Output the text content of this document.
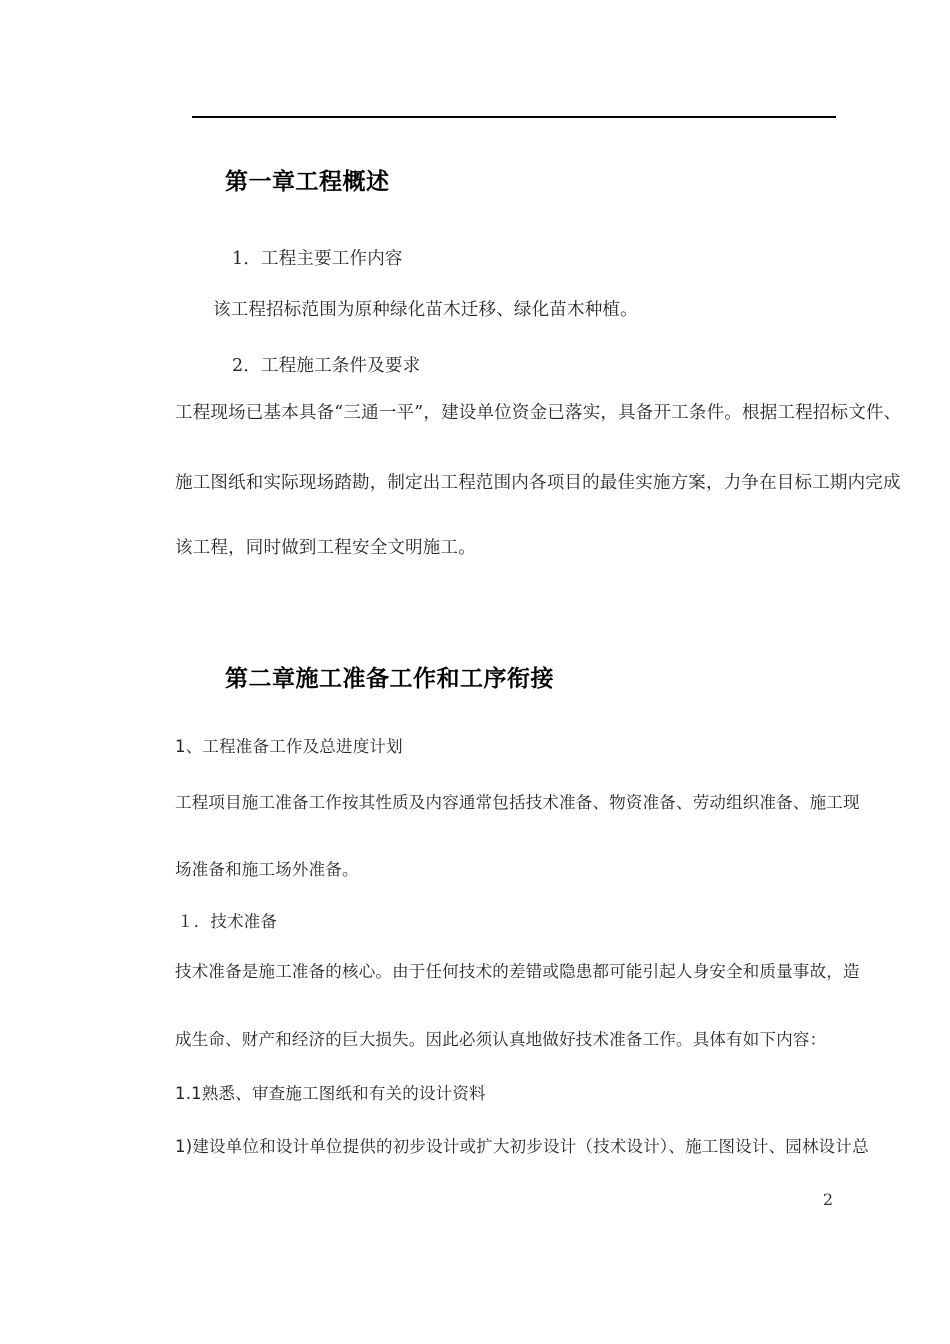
第一章工程概述
1．工程主要工作内容
该工程招标范围为原种绿化苗木迁移、绿化苗木种植。
2．工程施工条件及要求
工程现场已基本具备“三通一平”，建设单位资金已落实，具备开工条件。根据工程招标文件、
施工图纸和实际现场踏勘，制定出工程范围内各项目的最佳实施方案，力争在目标工期内完成
该工程，同时做到工程安全文明施工。
第二章施工准备工作和工序衔接
1、工程准备工作及总进度计划
工程项目施工准备工作按其性质及内容通常包括技术准备、物资准备、劳动组织准备、施工现
场准备和施工场外准备。
１．技术准备
技术准备是施工准备的核心。由于任何技术的差错或隐患都可能引起人身安全和质量事故，造
成生命、财产和经济的巨大损失。因此必须认真地做好技术准备工作。具体有如下内容：
1.1熟悉、审查施工图纸和有关的设计资料
1)建设单位和设计单位提供的初步设计或扩大初步设计（技术设计）、施工图设计、园林设计总
2
